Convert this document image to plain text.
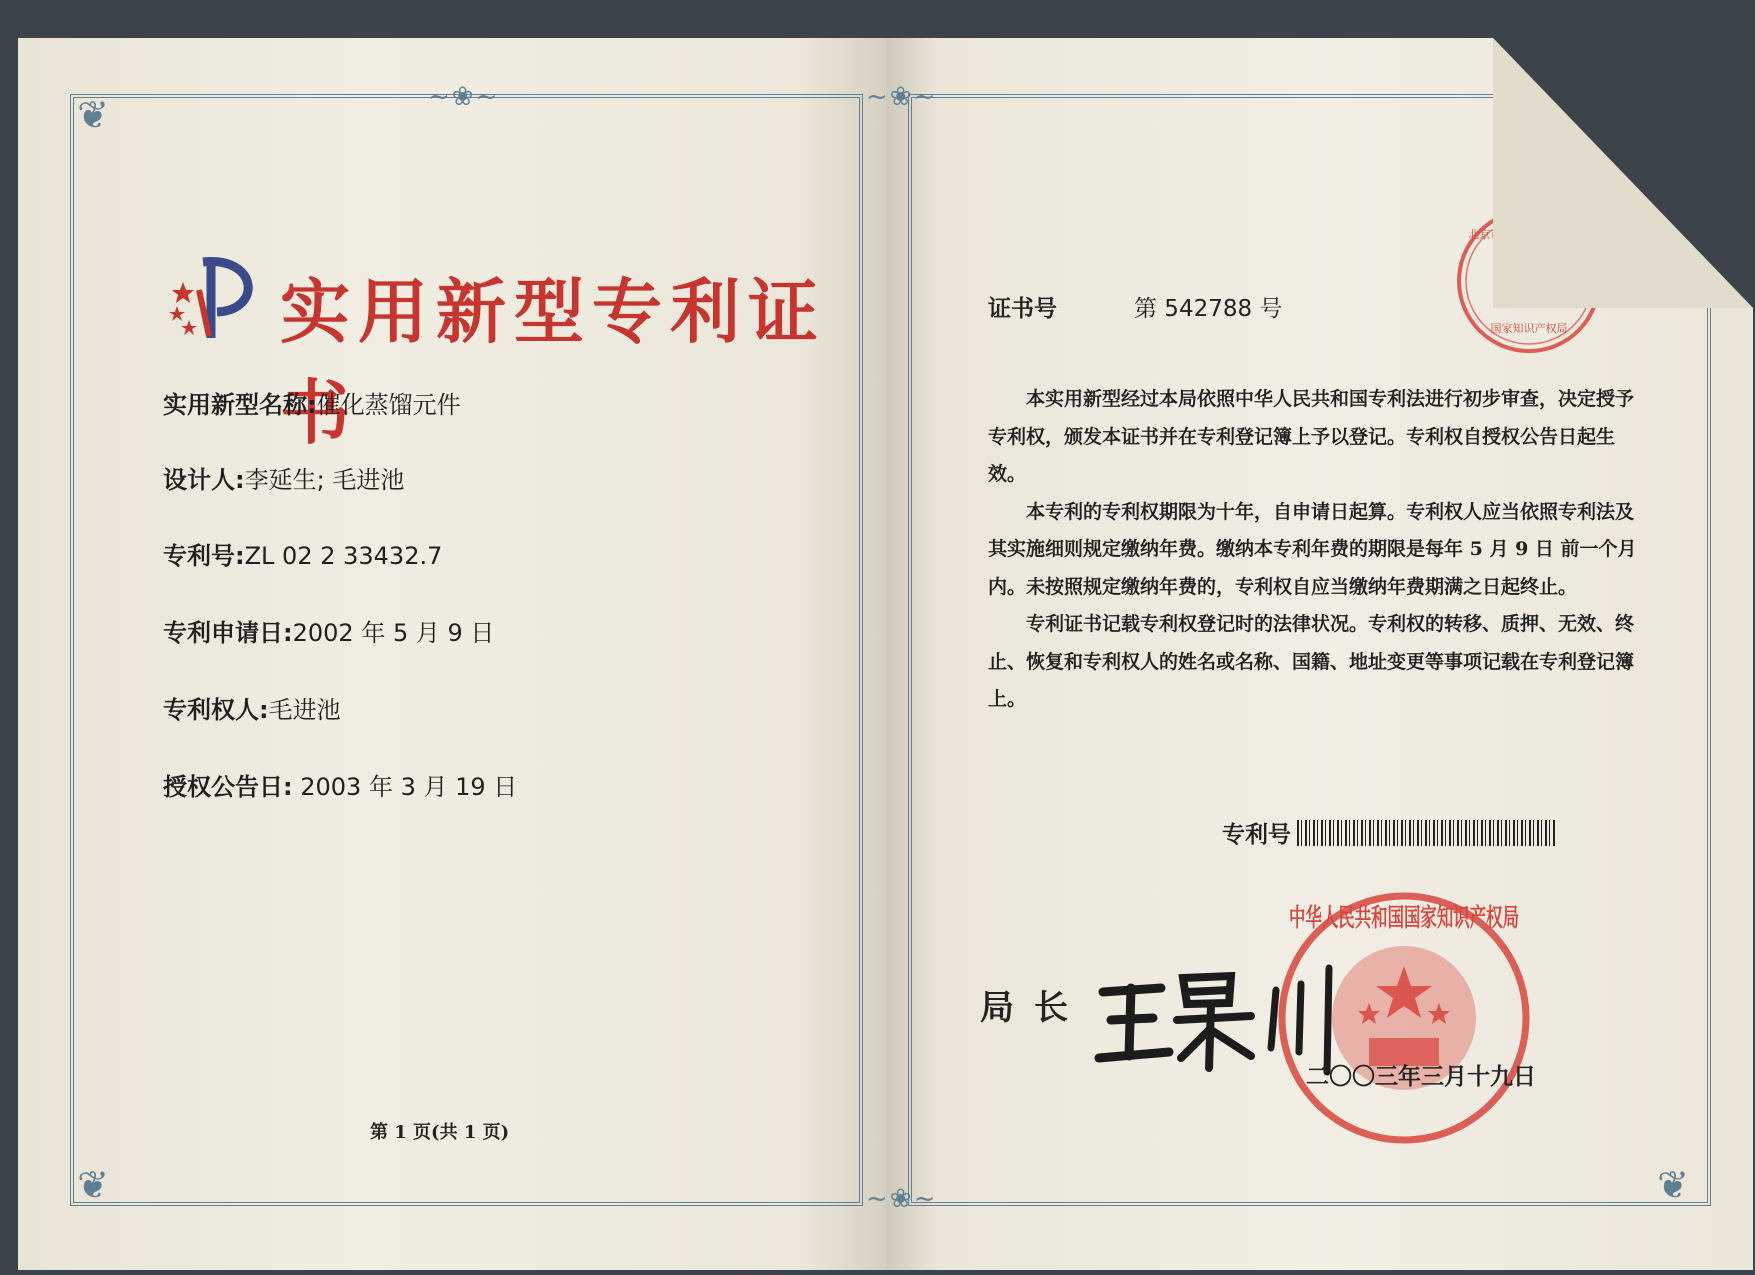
❦
❦
~❀~
实用新型专利证书
实用新型名称:催化蒸馏元件
设计人:李延生; 毛进池
专利号:ZL 02 2 33432.7
专利申请日:2002 年 5 月 9 日
专利权人:毛进池
授权公告日: 2003 年 3 月 19 日
第 1 页(共 1 页)
❦
❦
~❀~
~❀~
证书号	第 542788 号
北京市海淀区地方税务局
印花税
代扣专用章
国家知识产权局

本实用新型经过本局依照中华人民共和国专利法进行初步审查，决定授予专利权，颁发本证书并在专利登记簿上予以登记。专利权自授权公告日起生效。

本专利的专利权期限为十年，自申请日起算。专利权人应当依照专利法及其实施细则规定缴纳年费。缴纳本专利年费的期限是每年 5 月 9 日 前一个月内。未按照规定缴纳年费的，专利权自应当缴纳年费期满之日起终止。

专利证书记载专利权登记时的法律状况。专利权的转移、质押、无效、终止、恢复和专利权人的姓名或名称、国籍、地址变更等事项记载在专利登记簿上。

专利号
中华人民共和国国家知识产权局
局长
二〇〇三年三月十九日
